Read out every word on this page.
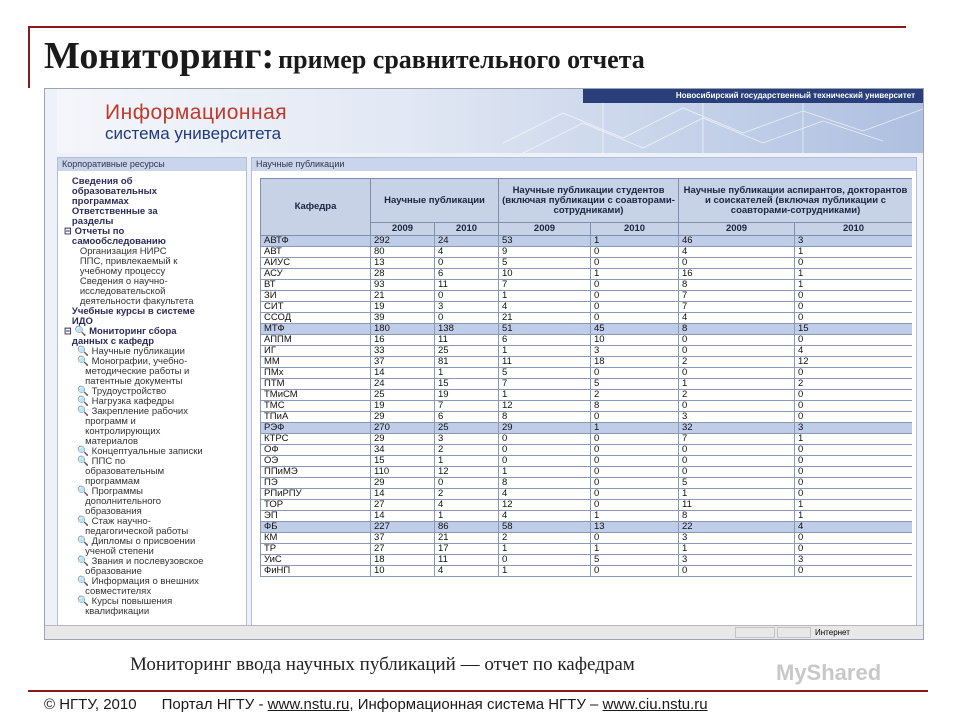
Мониторинг: пример сравнительного отчета
Новосибирский государственный технический университет
Информационная
система университета
Корпоративные ресурсы
Сведения об
образовательных
программах
Ответственные за
разделы
⊟ Отчеты по
самообследованию
Организация НИРС
ППС, привлекаемый к
учебному процессу
Сведения о научно-
исследовательской
деятельности факультета
Учебные курсы в системе
ИДО
⊟ 🔍 Мониторинг сбора
данных с кафедр
🔍 Научные публикации
🔍 Монографии, учебно-
методические работы и
патентные документы
🔍 Трудоустройство
🔍 Нагрузка кафедры
🔍 Закрепление рабочих
программ и
контролирующих
материалов
🔍 Концептуальные записки
🔍 ППС по
образовательным
программам
🔍 Программы
дополнительного
образования
🔍 Стаж научно-
педагогической работы
🔍 Дипломы о присвоении
ученой степени
🔍 Звания и послевузовское
образование
🔍 Информация о внешних
совместителях
🔍 Курсы повышения
квалификации
Научные публикации
Кафедра	Научные публикации		Научные публикации студентов (включая публикации с соавторами-сотрудниками)		Научные публикации аспирантов, докторантов и соискателей (включая публикации с соавторами-сотрудниками)	
	2009	2010	2009	2010	2009	2010
АВТФ	292	24	53	1	46	3
АВТ	80	4	9	0	4	1
АИУС	13	0	5	0	0	0
АСУ	28	6	10	1	16	1
ВТ	93	11	7	0	8	1
ЗИ	21	0	1	0	7	0
СИТ	19	3	4	0	7	0
ССОД	39	0	21	0	4	0
МТФ	180	138	51	45	8	15
АППМ	16	11	6	10	0	0
ИГ	33	25	1	3	0	4
ММ	37	81	11	18	2	12
ПМх	14	1	5	0	0	0
ПТМ	24	15	7	5	1	2
ТМиСМ	25	19	1	2	2	0
ТМС	19	7	12	8	0	0
ТПиА	29	6	8	0	3	0
РЭФ	270	25	29	1	32	3
КТРС	29	3	0	0	7	1
ОФ	34	2	0	0	0	0
ОЭ	15	1	0	0	0	0
ППиМЭ	110	12	1	0	0	0
ПЭ	29	0	8	0	5	0
РПиРПУ	14	2	4	0	1	0
ТОР	27	4	12	0	11	1
ЭП	14	1	4	1	8	1
ФБ	227	86	58	13	22	4
КМ	37	21	2	0	3	0
ТР	27	17	1	1	1	0
УиС	18	11	0	5	3	3
ФиНП	10	4	1	0	0	0
Интернет
Мониторинг ввода научных публикаций — отчет по кафедрам	MyShared
© НГТУ, 2010 Портал НГТУ - www.nstu.ru, Информационная система НГТУ – www.ciu.nstu.ru
